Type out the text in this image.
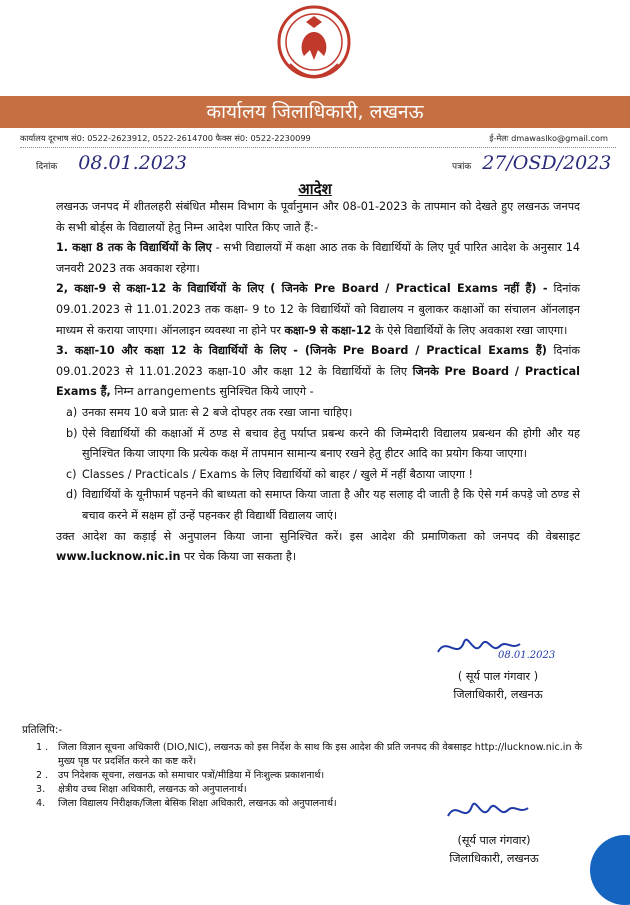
कार्यालय जिलाधिकारी, लखनऊ
कार्यालय दूरभाष सं0: 0522-2623912, 0522-2614700 फैक्स सं0: 0522-2230099	ई-मेलः dmawaslko@gmail.com
दिनांक 08.01.2023	पत्रांक 27/OSD/2023
आदेश

लखनऊ जनपद में शीतलहरी संबंधित मौसम विभाग के पूर्वानुमान और 08-01-2023 के तापमान को देखते हुए लखनऊ जनपद के सभी बोर्ड्स के विद्यालयों हेतु निम्न आदेश पारित किए जाते हैं:-

1. कक्षा 8 तक के विद्यार्थियों के लिए - सभी विद्यालयों में कक्षा आठ तक के विद्यार्थियों के लिए पूर्व पारित आदेश के अनुसार 14 जनवरी 2023 तक अवकाश रहेगा।

2, कक्षा-9 से कक्षा-12 के विद्यार्थियों के लिए ( जिनके Pre Board / Practical Exams नहीं हैं) - दिनांक 09.01.2023 से 11.01.2023 तक कक्षा- 9 to 12 के विद्यार्थियों को विद्यालय न बुलाकर कक्षाओं का संचालन ऑनलाइन माध्यम से कराया जाएगा। ऑनलाइन व्यवस्था ना होने पर कक्षा-9 से कक्षा-12 के ऐसे विद्यार्थियों के लिए अवकाश रखा जाएगा।

3. कक्षा-10 और कक्षा 12 के विद्यार्थियों के लिए - (जिनके Pre Board / Practical Exams हैं) दिनांक 09.01.2023 से 11.01.2023 कक्षा-10 और कक्षा 12 के विद्यार्थियों के लिए जिनके Pre Board / Practical Exams हैं, निम्न arrangements सुनिश्चित किये जाएगे -

a) उनका समय 10 बजे प्रातः से 2 बजे दोपहर तक रखा जाना चाहिए।
b) ऐसे विद्यार्थियों की कक्षाओं में ठण्ड से बचाव हेतु पर्याप्त प्रबन्ध करने की जिम्मेदारी विद्यालय प्रबन्धन की होगी और यह सुनिश्चित किया जाएगा कि प्रत्येक कक्ष में तापमान सामान्य बनाए रखने हेतु हीटर आदि का प्रयोग किया जाएगा।
c) Classes / Practicals / Exams के लिए विद्यार्थियों को बाहर / खुले में नहीं बैठाया जाएगा !
d) विद्यार्थियों के यूनीफार्म पहनने की बाध्यता को समाप्त किया जाता है और यह सलाह दी जाती है कि ऐसे गर्म कपड़े जो ठण्ड से बचाव करने में सक्षम हों उन्हें पहनकर ही विद्यार्थी विद्यालय जाएं।

उक्त आदेश का कड़ाई से अनुपालन किया जाना सुनिश्चित करें। इस आदेश की प्रमाणिकता को जनपद की वेबसाइट www.lucknow.nic.in पर चेक किया जा सकता है।

08.01.2023
( सूर्य पाल गंगवार )
जिलाधिकारी, लखनऊ
प्रतिलिपि:-
1 . जिला विज्ञान सूचना अधिकारी (DIO,NIC), लखनऊ को इस निर्देश के साथ कि इस आदेश की प्रति जनपद की वेबसाइट http://lucknow.nic.in के मुख्य पृष्ठ पर प्रदर्शित करने का कष्ट करें।
2 . उप निदेशक सूचना, लखनऊ को समाचार पत्रों/मीडिया में निःशुल्क प्रकाशनार्थ।
3. क्षेत्रीय उच्च शिक्षा अधिकारी, लखनऊ को अनुपालनार्थ।
4. जिला विद्यालय निरीक्षक/जिला बेसिक शिक्षा अधिकारी, लखनऊ को अनुपालनार्थ।
(सूर्य पाल गंगवार)
जिलाधिकारी, लखनऊ
